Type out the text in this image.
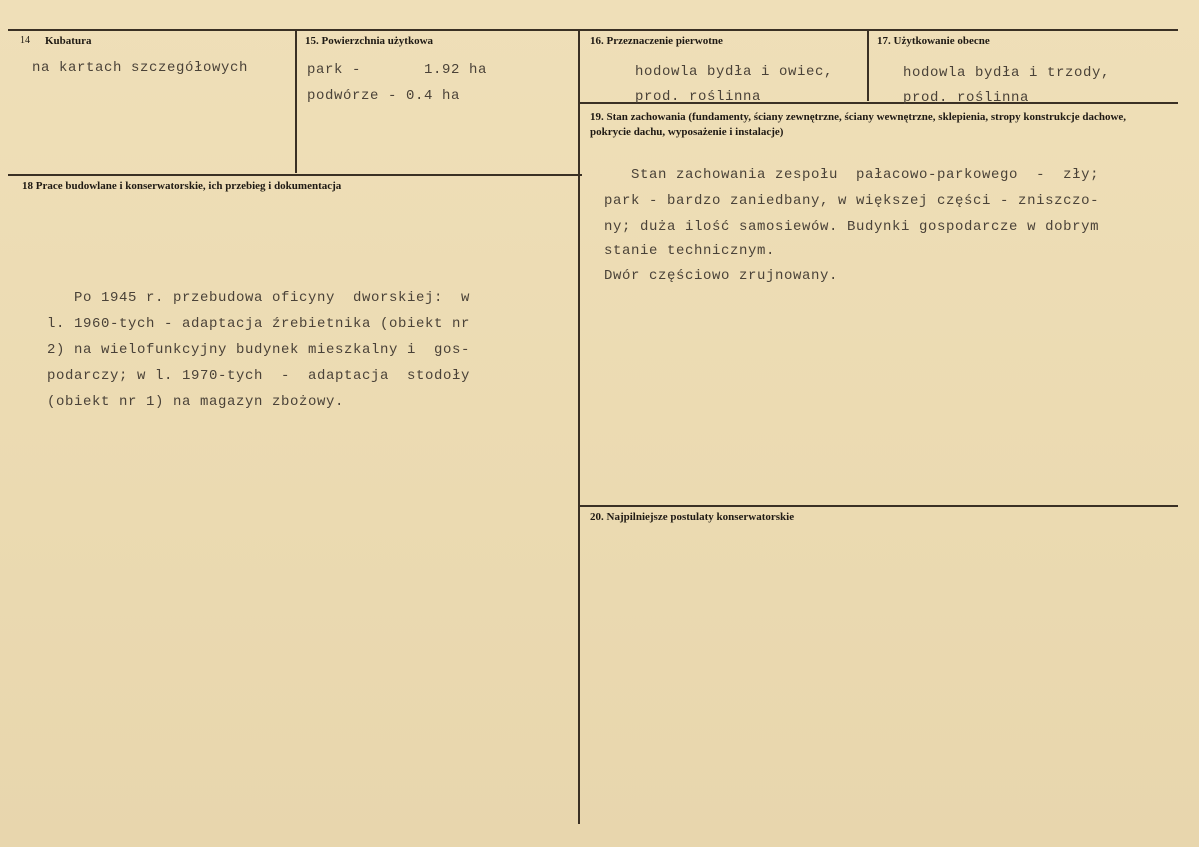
14 Kubatura
na kartach szczegółowych
15. Powierzchnia użytkowa
park -       1.92 ha
podwórze - 0.4 ha
16. Przeznaczenie pierwotne
hodowla bydła i owiec,
prod. roślinna
17. Użytkowanie obecne
hodowla bydła i trzody,
prod. roślinna
18 Prace budowlane i konserwatorskie, ich przebieg i dokumentacja
Po 1945 r. przebudowa oficyny  dworskiej:  w
l. 1960-tych - adaptacja źrebietnika (obiekt nr
2) na wielofunkcyjny budynek mieszkalny i  gos-
podarczy; w l. 1970-tych  -  adaptacja  stodoły
(obiekt nr 1) na magazyn zbożowy.
19. Stan zachowania (fundamenty, ściany zewnętrzne, ściany wewnętrzne, sklepienia, stropy konstrukcje dachowe, pokrycie dachu, wyposażenie i instalacje)
Stan zachowania zespołu  pałacowo-parkowego  -  zły;
park - bardzo zaniedbany, w większej części - zniszczo-
ny; duża ilość samosiewów. Budynki gospodarcze w dobrym
stanie technicznym.
Dwór częściowo zrujnowany.
20. Najpilniejsze postulaty konserwatorskie
